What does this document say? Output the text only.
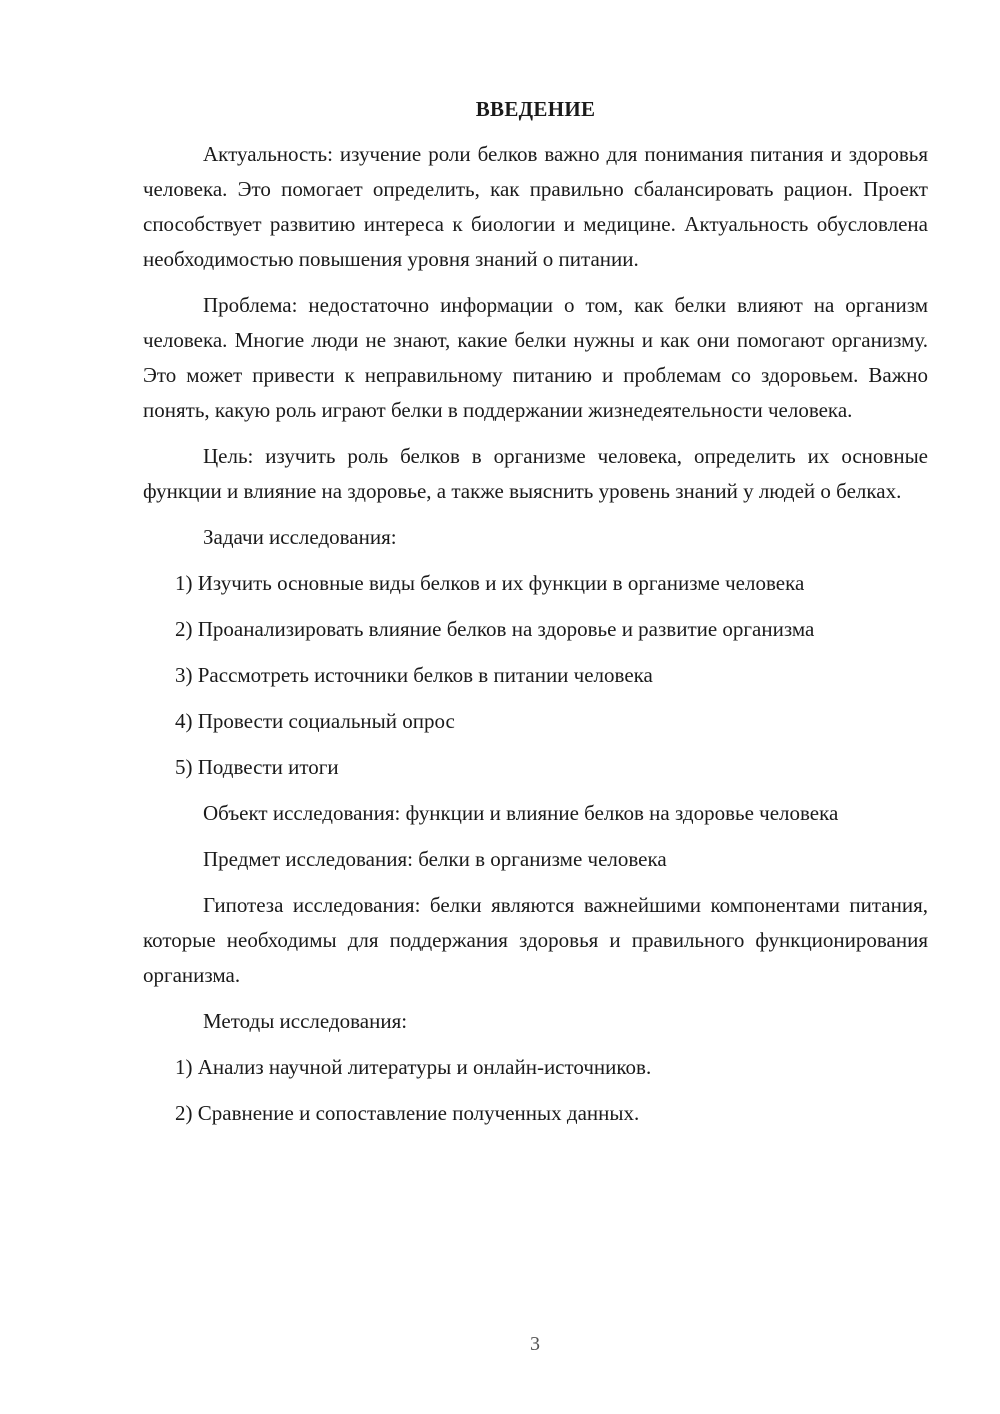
ВВЕДЕНИЕ
Актуальность: изучение роли белков важно для понимания питания и здоровья человека. Это помогает определить, как правильно сбалансировать рацион. Проект способствует развитию интереса к биологии и медицине. Актуальность обусловлена необходимостью повышения уровня знаний о питании.
Проблема: недостаточно информации о том, как белки влияют на организм человека. Многие люди не знают, какие белки нужны и как они помогают организму. Это может привести к неправильному питанию и проблемам со здоровьем. Важно понять, какую роль играют белки в поддержании жизнедеятельности человека.
Цель: изучить роль белков в организме человека, определить их основные функции и влияние на здоровье, а также выяснить уровень знаний у людей о белках.
Задачи исследования:
1) Изучить основные виды белков и их функции в организме человека
2) Проанализировать влияние белков на здоровье и развитие организма
3) Рассмотреть источники белков в питании человека
4) Провести социальный опрос
5) Подвести итоги
Объект исследования: функции и влияние белков на здоровье человека
Предмет исследования: белки в организме человека
Гипотеза исследования: белки являются важнейшими компонентами питания, которые необходимы для поддержания здоровья и правильного функционирования организма.
Методы исследования:
1) Анализ научной литературы и онлайн-источников.
2) Сравнение и сопоставление полученных данных.
3
